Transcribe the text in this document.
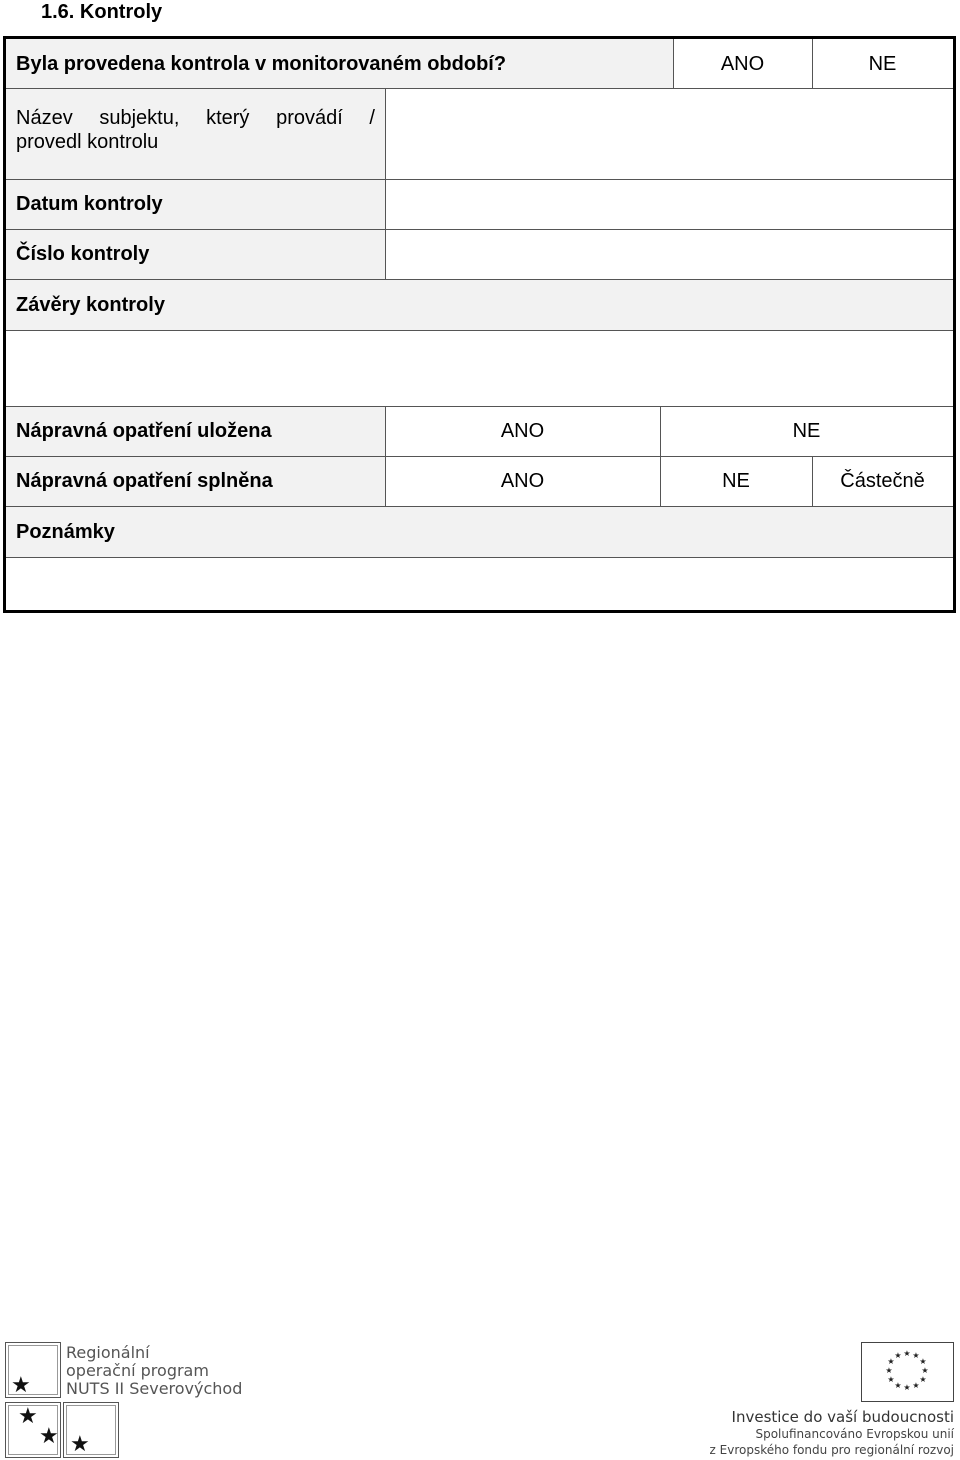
1.6. Kontroly
Byla provedena kontrola v monitorovaném období?	ANO	NE
Název subjektu, který provádí /
provedl kontrolu
Datum kontroly
Číslo kontroly
Závěry kontroly
Nápravná opatření uložena	ANO	NE
Nápravná opatření splněna	ANO	NE	Částečně
Poznámky
★
★
★ ★
Regionální
operační program
NUTS II Severovýchod
★ ★
★
★
★
★
★
★
★
★
★
★
Investice do vaší budoucnosti
Spolufinancováno Evropskou unií
z Evropského fondu pro regionální rozvoj
